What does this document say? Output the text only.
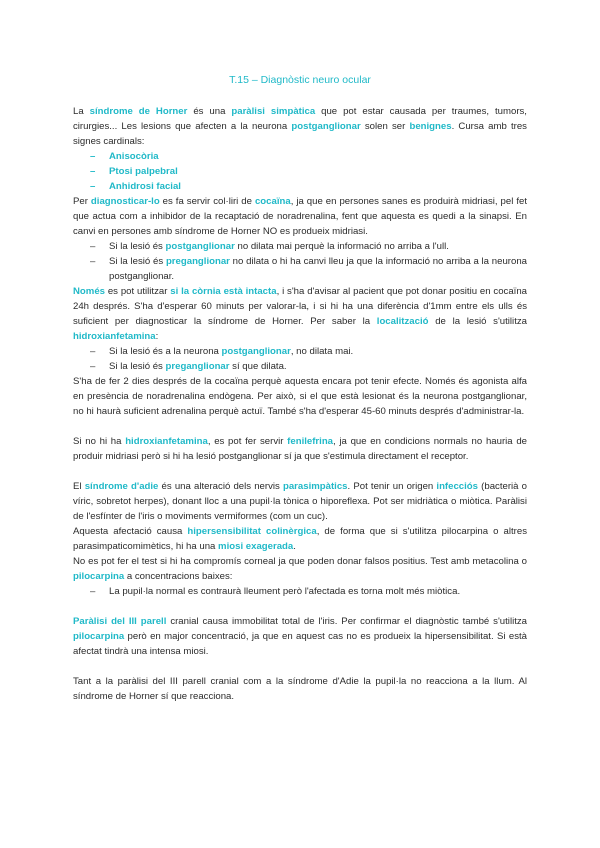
T.15 – Diagnòstic neuro ocular

La síndrome de Horner és una paràlisi simpàtica que pot estar causada per traumes, tumors, cirurgies... Les lesions que afecten a la neurona postganglionar solen ser benignes. Cursa amb tres signes cardinals:

– Anisocòria
– Ptosi palpebral
– Anhidrosi facial

Per diagnosticar-lo es fa servir col·liri de cocaïna, ja que en persones sanes es produirà midriasi, pel fet que actua com a inhibidor de la recaptació de noradrenalina, fent que aquesta es quedi a la sinapsi. En canvi en persones amb síndrome de Horner NO es produeix midriasi.

– Si la lesió és postganglionar no dilata mai perquè la informació no arriba a l'ull.
– Si la lesió és preganglionar no dilata o hi ha canvi lleu ja que la informació no arriba a la neurona postganglionar.

Només es pot utilitzar si la còrnia està intacta, i s'ha d'avisar al pacient que pot donar positiu en cocaïna 24h després. S'ha d'esperar 60 minuts per valorar-la, i si hi ha una diferència d'1mm entre els ulls és suficient per diagnosticar la síndrome de Horner. Per saber la localització de la lesió s'utilitza hidroxianfetamina:

– Si la lesió és a la neurona postganglionar, no dilata mai.
– Si la lesió és preganglionar sí que dilata.

S'ha de fer 2 dies després de la cocaïna perquè aquesta encara pot tenir efecte. Només és agonista alfa en presència de noradrenalina endògena. Per això, si el que està lesionat és la neurona postganglionar, no hi haurà suficient adrenalina perquè actuï. També s'ha d'esperar 45-60 minuts després d'administrar-la.

Si no hi ha hidroxianfetamina, es pot fer servir fenilefrina, ja que en condicions normals no hauria de produir midriasi però si hi ha lesió postganglionar sí ja que s'estimula directament el receptor.

El síndrome d'adie és una alteració dels nervis parasimpàtics. Pot tenir un origen infecciós (bacterià o víric, sobretot herpes), donant lloc a una pupil·la tònica o hiporeflexa. Pot ser midriàtica o miòtica. Paràlisi de l'esfínter de l'iris o moviments vermiformes (com un cuc).

Aquesta afectació causa hipersensibilitat colinèrgica, de forma que si s'utilitza pilocarpina o altres parasimpaticomimètics, hi ha una miosi exagerada.

No es pot fer el test si hi ha compromís corneal ja que poden donar falsos positius. Test amb metacolina o pilocarpina a concentracions baixes:

– La pupil·la normal es contraurà lleument però l'afectada es torna molt més miòtica.

Paràlisi del III parell cranial causa immobilitat total de l'iris. Per confirmar el diagnòstic també s'utilitza pilocarpina però en major concentració, ja que en aquest cas no es produeix la hipersensibilitat. Si està afectat tindrà una intensa miosi.

Tant a la paràlisi del III parell cranial com a la síndrome d'Adie la pupil·la no reacciona a la llum. Al síndrome de Horner sí que reacciona.
